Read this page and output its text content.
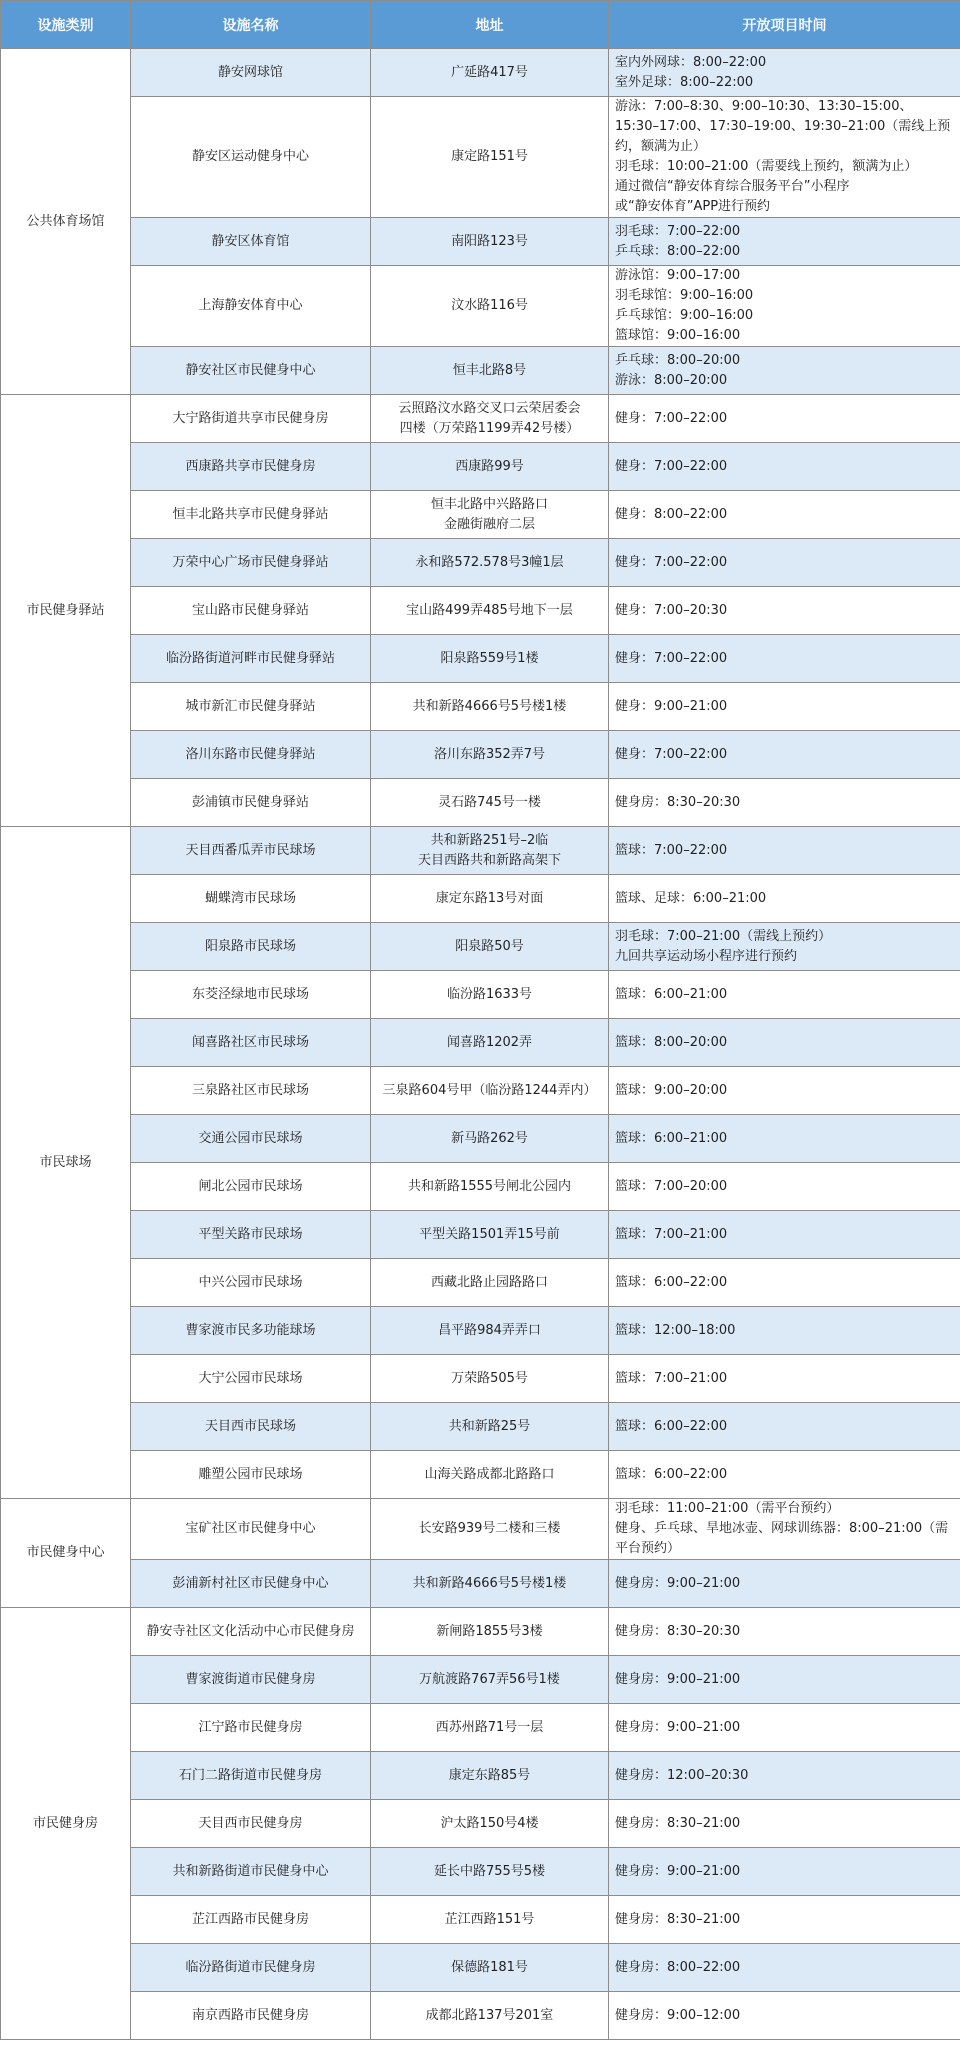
设施类别	设施名称	地址	开放项目时间
公共体育场馆	静安网球馆	广延路417号	室内外网球：8:00–22:00
室外足球：8:00–22:00
	静安区运动健身中心	康定路151号	游泳：7:00–8:30、9:00–10:30、13:30–15:00、15:30–17:00、17:30–19:00、19:30–21:00（需线上预约，额满为止）
羽毛球：10:00–21:00（需要线上预约，额满为止）
通过微信“静安体育综合服务平台”小程序
或“静安体育”APP进行预约
	静安区体育馆	南阳路123号	羽毛球：7:00–22:00
乒乓球：8:00–22:00
	上海静安体育中心	汶水路116号	游泳馆：9:00–17:00
羽毛球馆：9:00–16:00
乒乓球馆：9:00–16:00
篮球馆：9:00–16:00
	静安社区市民健身中心	恒丰北路8号	乒乓球：8:00–20:00
游泳：8:00–20:00
市民健身驿站	大宁路街道共享市民健身房	云照路汶水路交叉口云荣居委会
四楼（万荣路1199弄42号楼）	健身：7:00–22:00
	西康路共享市民健身房	西康路99号	健身：7:00–22:00
	恒丰北路共享市民健身驿站	恒丰北路中兴路路口
金融街融府二层	健身：8:00–22:00
	万荣中心广场市民健身驿站	永和路572.578号3幢1层	健身：7:00–22:00
	宝山路市民健身驿站	宝山路499弄485号地下一层	健身：7:00–20:30
	临汾路街道河畔市民健身驿站	阳泉路559号1楼	健身：7:00–22:00
	城市新汇市民健身驿站	共和新路4666号5号楼1楼	健身：9:00–21:00
	洛川东路市民健身驿站	洛川东路352弄7号	健身：7:00–22:00
	彭浦镇市民健身驿站	灵石路745号一楼	健身房：8:30–20:30
市民球场	天目西番瓜弄市民球场	共和新路251号–2临
天目西路共和新路高架下	篮球：7:00–22:00
	蝴蝶湾市民球场	康定东路13号对面	篮球、足球：6:00–21:00
	阳泉路市民球场	阳泉路50号	羽毛球：7:00–21:00（需线上预约）
九回共享运动场小程序进行预约
	东茭泾绿地市民球场	临汾路1633号	篮球：6:00–21:00
	闻喜路社区市民球场	闻喜路1202弄	篮球：8:00–20:00
	三泉路社区市民球场	三泉路604号甲（临汾路1244弄内）	篮球：9:00–20:00
	交通公园市民球场	新马路262号	篮球：6:00–21:00
	闸北公园市民球场	共和新路1555号闸北公园内	篮球：7:00–20:00
	平型关路市民球场	平型关路1501弄15号前	篮球：7:00–21:00
	中兴公园市民球场	西藏北路止园路路口	篮球：6:00–22:00
	曹家渡市民多功能球场	昌平路984弄弄口	篮球：12:00–18:00
	大宁公园市民球场	万荣路505号	篮球：7:00–21:00
	天目西市民球场	共和新路25号	篮球：6:00–22:00
	雕塑公园市民球场	山海关路成都北路路口	篮球：6:00–22:00
市民健身中心	宝矿社区市民健身中心	长安路939号二楼和三楼	羽毛球：11:00–21:00（需平台预约）
健身、乒乓球、旱地冰壶、网球训练器：8:00–21:00（需平台预约）
	彭浦新村社区市民健身中心	共和新路4666号5号楼1楼	健身房：9:00–21:00
市民健身房	静安寺社区文化活动中心市民健身房	新闸路1855号3楼	健身房：8:30–20:30
	曹家渡街道市民健身房	万航渡路767弄56号1楼	健身房：9:00–21:00
	江宁路市民健身房	西苏州路71号一层	健身房：9:00–21:00
	石门二路街道市民健身房	康定东路85号	健身房：12:00–20:30
	天目西市民健身房	沪太路150号4楼	健身房：8:30–21:00
	共和新路街道市民健身中心	延长中路755号5楼	健身房：9:00–21:00
	芷江西路市民健身房	芷江西路151号	健身房：8:30–21:00
	临汾路街道市民健身房	保德路181号	健身房：8:00–22:00
	南京西路市民健身房	成都北路137号201室	健身房：9:00–12:00
